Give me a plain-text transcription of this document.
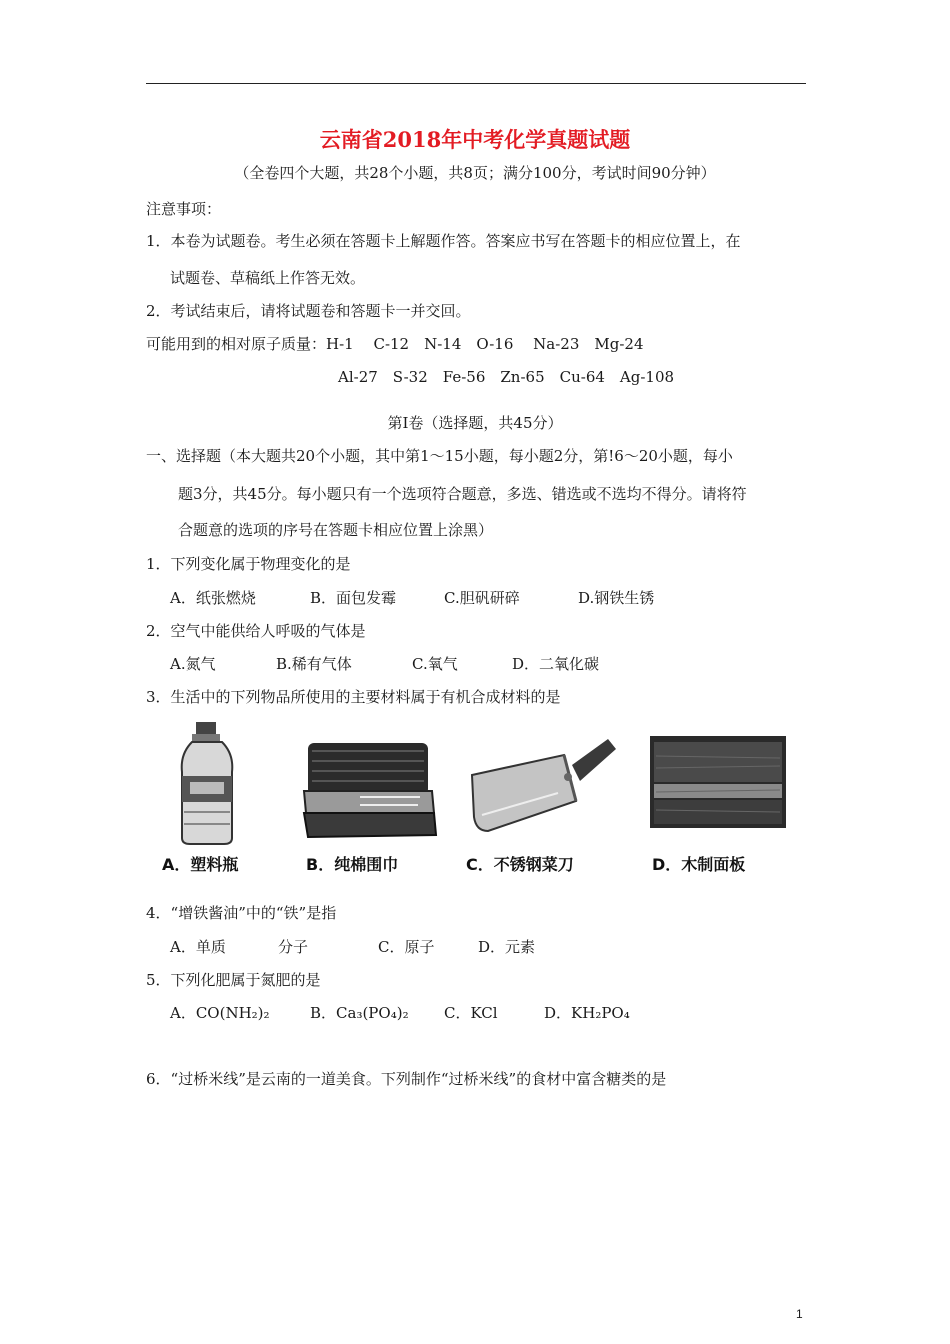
云南省2018年中考化学真题试题
（全卷四个大题，共28个小题，共8页；满分100分，考试时间90分钟）
注意事项：
1．本卷为试题卷。考生必须在答题卡上解题作答。答案应书写在答题卡的相应位置上，在
试题卷、草稿纸上作答无效。
2．考试结束后，请将试题卷和答题卡一并交回。
可能用到的相对原子质量：H-1　 C-12　N-14　O-16　 Na-23　Mg-24
Al-27　S-32　Fe-56　Zn-65　Cu-64　Ag-108
第Ⅰ卷（选择题，共45分）
一、选择题（本大题共20个小题，其中第1～15小题，每小题2分，第!6～20小题，每小
题3分，共45分。每小题只有一个选项符合题意，多选、错选或不选均不得分。请将符
合题意的选项的序号在答题卡相应位置上涂黑）
1．下列变化属于物理变化的是
A．纸张燃烧	B．面包发霉	C.胆矾研碎	D.钢铁生锈
2．空气中能供给人呼吸的气体是
A.氮气	B.稀有气体	C.氧气	D．二氧化碳
3．生活中的下列物品所使用的主要材料属于有机合成材料的是
A．塑料瓶	B．纯棉围巾	C．不锈钢菜刀	D．木制面板
4．“增铁酱油”中的“铁”是指
A．单质	分子	C．原子	D．元素
5．下列化肥属于氮肥的是
A．CO(NH₂)₂	B．Ca₃(PO₄)₂ C．KCl	D．KH₂PO₄
6．“过桥米线”是云南的一道美食。下列制作“过桥米线”的食材中富含糖类的是
1
